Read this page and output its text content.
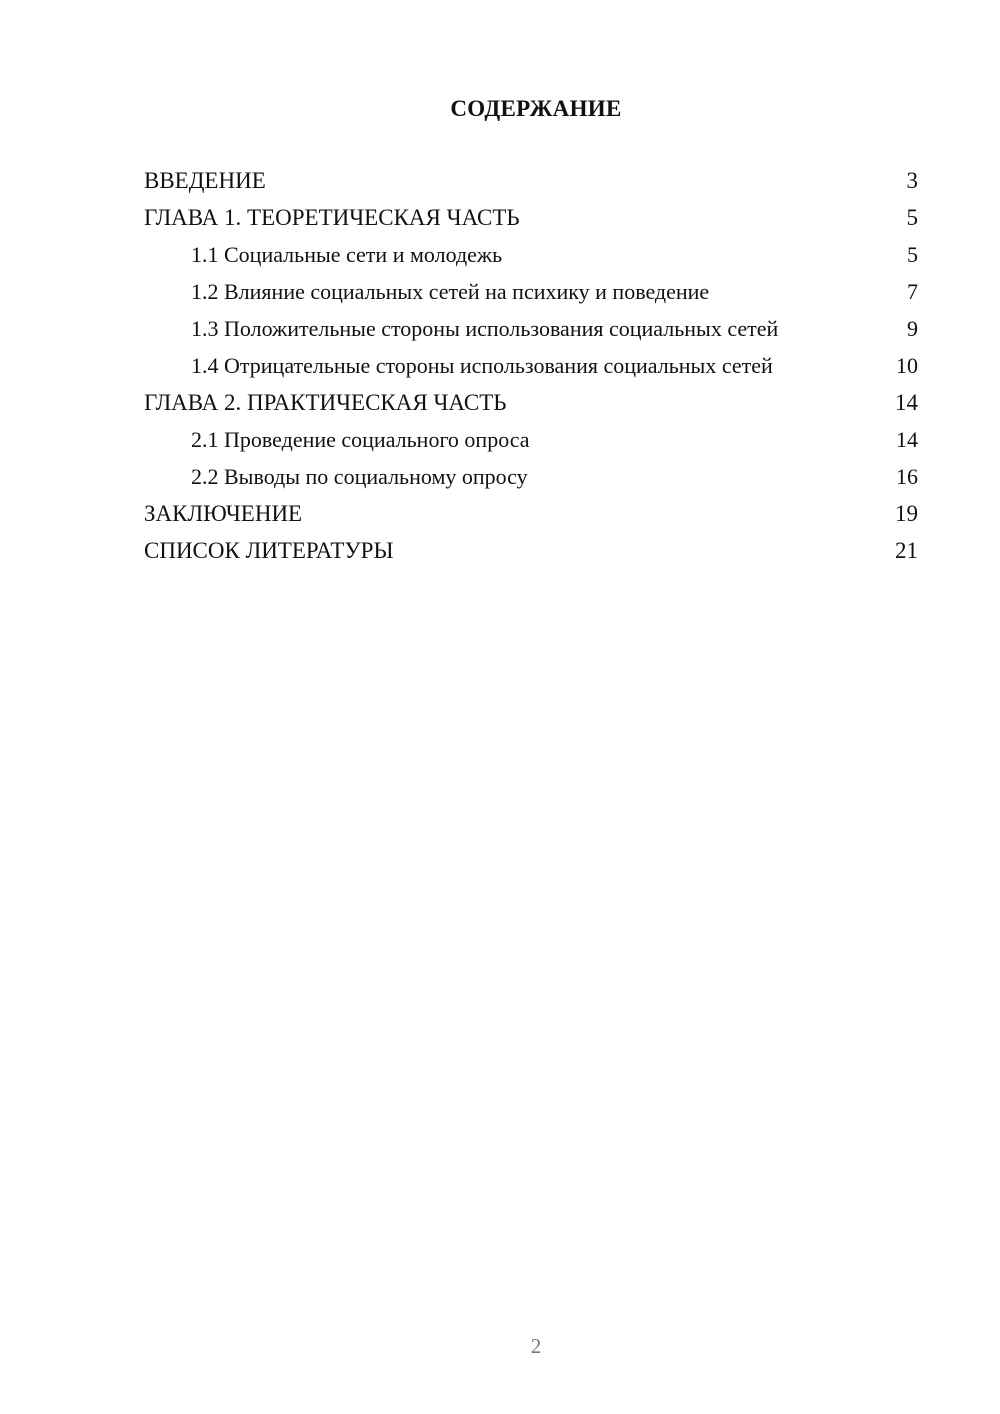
СОДЕРЖАНИЕ
ВВЕДЕНИЕ	3
ГЛАВА 1. ТЕОРЕТИЧЕСКАЯ ЧАСТЬ	5
1.1 Социальные сети и молодежь	5
1.2 Влияние социальных сетей на психику и поведение	7
1.3 Положительные стороны использования социальных сетей	9
1.4 Отрицательные стороны использования социальных сетей	10
ГЛАВА 2. ПРАКТИЧЕСКАЯ ЧАСТЬ	14
2.1 Проведение социального опроса	14
2.2 Выводы по социальному опросу	16
ЗАКЛЮЧЕНИЕ	19
СПИСОК ЛИТЕРАТУРЫ	21
2
